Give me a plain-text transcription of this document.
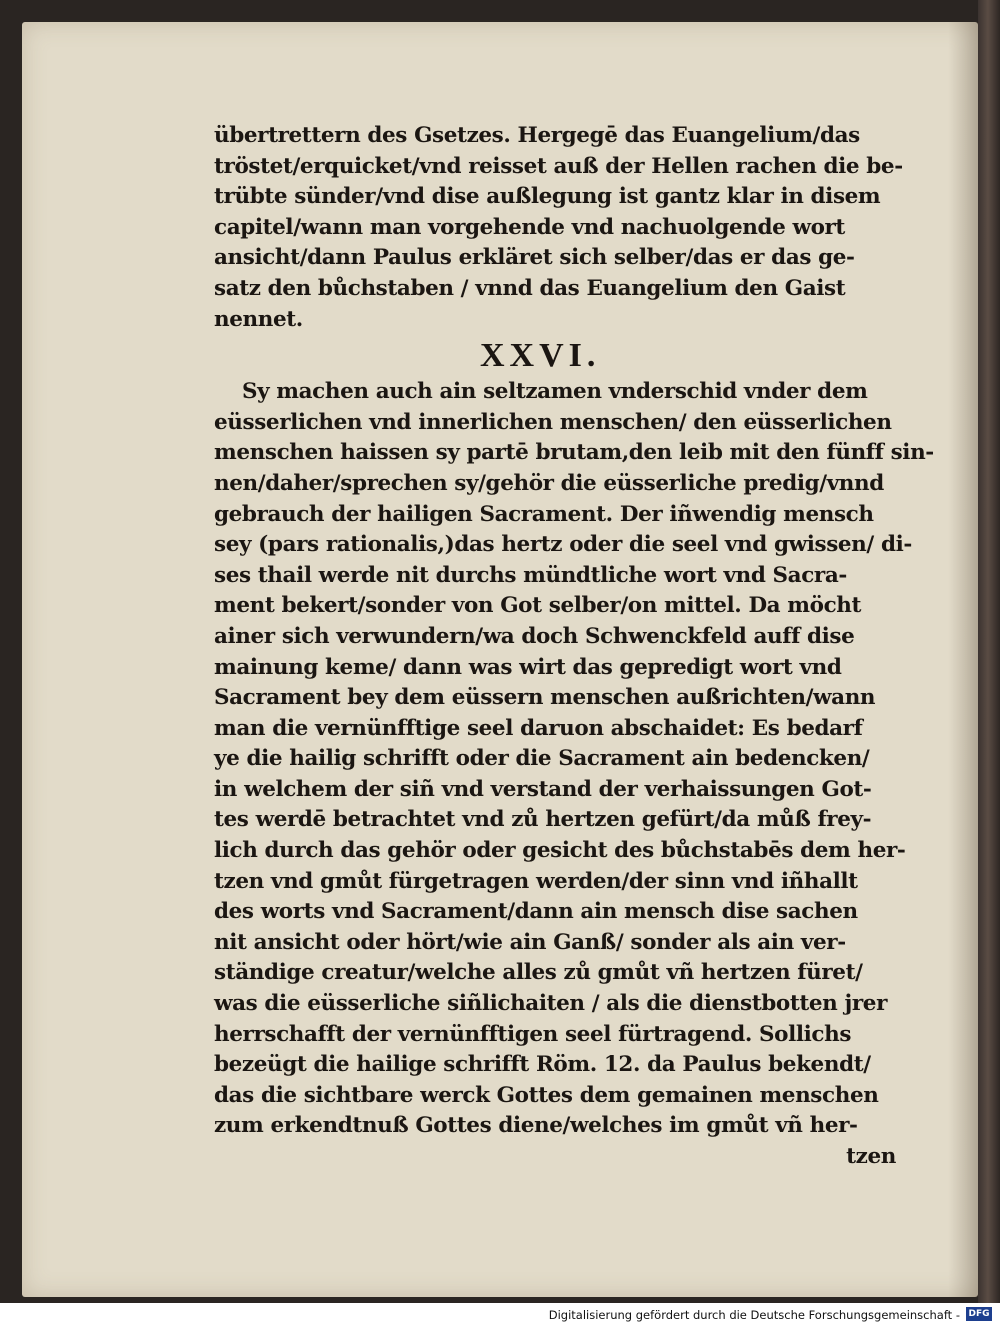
übertrettern des Gsetzes. Hergegē das Euangelium/das
tröstet/erquicket/vnd reisset auß der Hellen rachen die be-
trübte sünder/vnd dise außlegung ist gantz klar in disem
capitel/wann man vorgehende vnd nachuolgende wort
ansicht/dann Paulus erkläret sich selber/das er das ge-
satz den bůchstaben / vnnd das Euangelium den Gaist
nennet.
XXVI.
Sy machen auch ain seltzamen vnderschid vnder dem
eüsserlichen vnd innerlichen menschen/ den eüsserlichen
menschen haissen sy partē brutam,den leib mit den fünff sin-
nen/daher/sprechen sy/gehör die eüsserliche predig/vnnd
gebrauch der hailigen Sacrament. Der iñwendig mensch
sey (pars rationalis,)das hertz oder die seel vnd gwissen/ di-
ses thail werde nit durchs mündtliche wort vnd Sacra-
ment bekert/sonder von Got selber/on mittel. Da möcht
ainer sich verwundern/wa doch Schwenckfeld auff dise
mainung keme/ dann was wirt das gepredigt wort vnd
Sacrament bey dem eüssern menschen außrichten/wann
man die vernünfftige seel daruon abschaidet: Es bedarf
ye die hailig schrifft oder die Sacrament ain bedencken/
in welchem der siñ vnd verstand der verhaissungen Got-
tes werdē betrachtet vnd zů hertzen gefürt/da můß frey-
lich durch das gehör oder gesicht des bůchstabēs dem her-
tzen vnd gmůt fürgetragen werden/der sinn vnd iñhallt
des worts vnd Sacrament/dann ain mensch dise sachen
nit ansicht oder hört/wie ain Ganß/ sonder als ain ver-
ständige creatur/welche alles zů gmůt vñ hertzen füret/
was die eüsserliche siñlichaiten / als die dienstbotten jrer
herrschafft der vernünfftigen seel fürtragend. Sollichs
bezeügt die hailige schrifft Röm. 12. da Paulus bekendt/
das die sichtbare werck Gottes dem gemainen menschen
zum erkendtnuß Gottes diene/welches im gmůt vñ her-
tzen
Digitalisierung gefördert durch die Deutsche Forschungsgemeinschaft - DFG
